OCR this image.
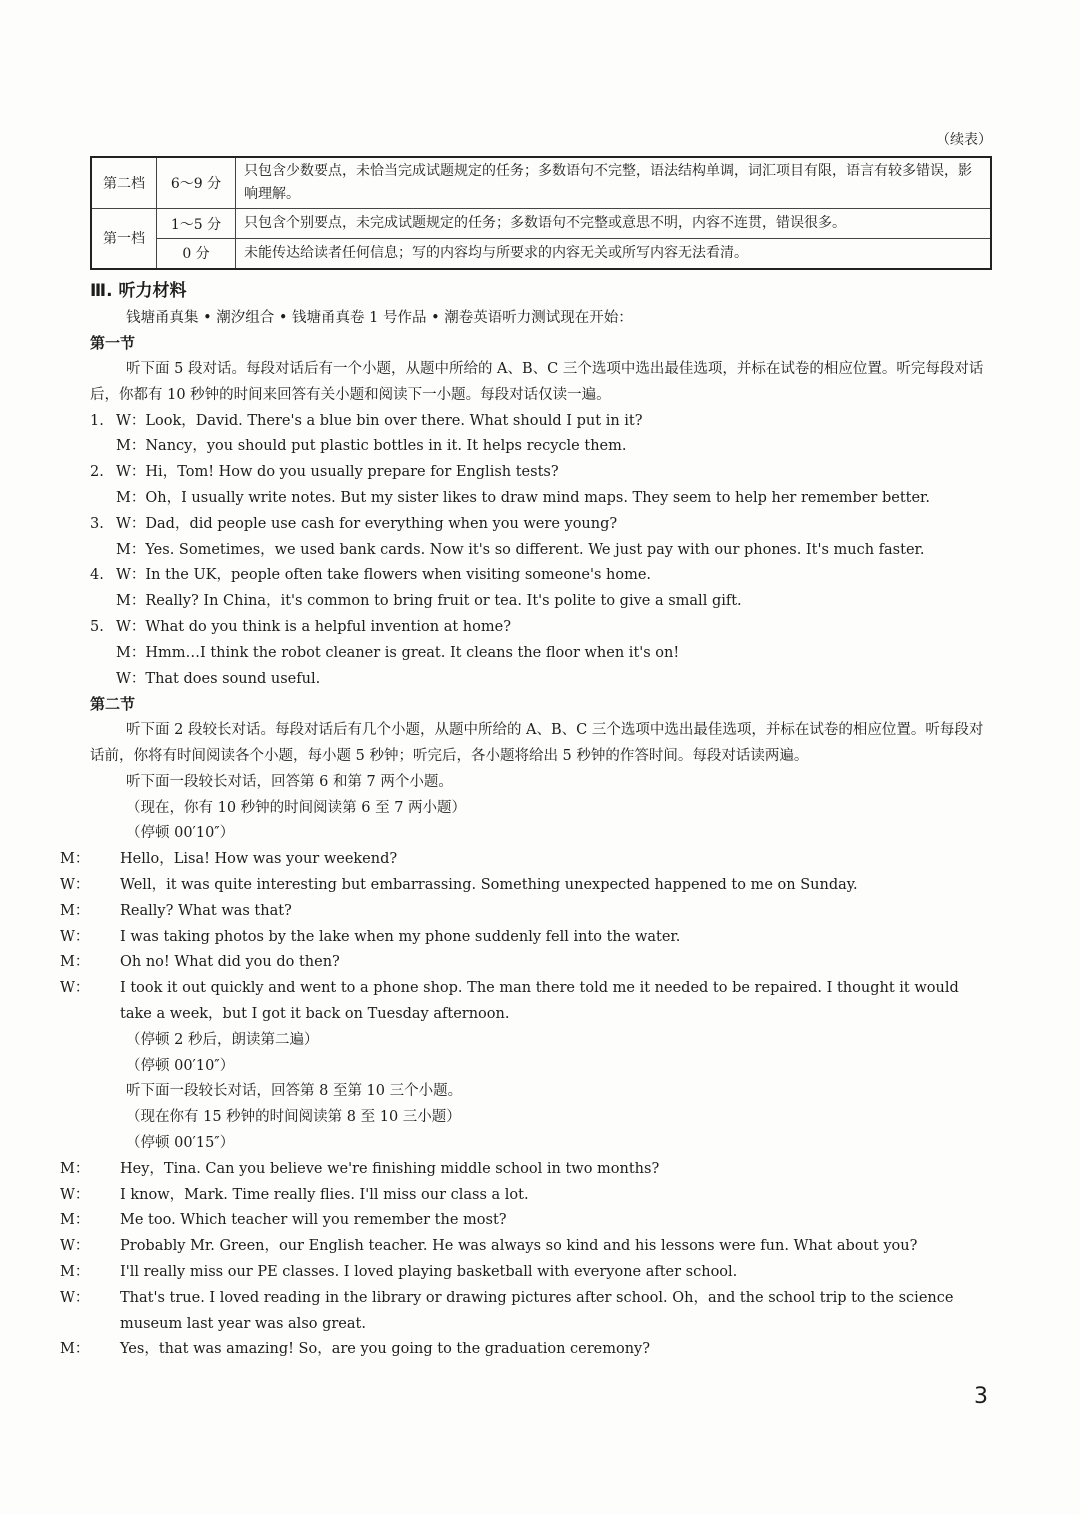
（续表）
第二档	6～9 分	只包含少数要点，未恰当完成试题规定的任务；多数语句不完整，语法结构单调，词汇项目有限，语言有较多错误，影响理解。
第一档	1～5 分	只包含个别要点，未完成试题规定的任务；多数语句不完整或意思不明，内容不连贯，错误很多。
	0 分	未能传达给读者任何信息；写的内容均与所要求的内容无关或所写内容无法看清。
Ⅲ. 听力材料
钱塘甬真集 • 潮汐组合 • 钱塘甬真卷 1 号作品 • 潮卷英语听力测试现在开始：
第一节
听下面 5 段对话。每段对话后有一个小题，从题中所给的 A、B、C 三个选项中选出最佳选项，并标在试卷的相应位置。听完每段对话后，你都有 10 秒钟的时间来回答有关小题和阅读下一小题。每段对话仅读一遍。
1. W：Look，David. There's a blue bin over there. What should I put in it?
M：Nancy，you should put plastic bottles in it. It helps recycle them.
2. W：Hi，Tom! How do you usually prepare for English tests?
M：Oh，I usually write notes. But my sister likes to draw mind maps. They seem to help her remember better.
3. W：Dad，did people use cash for everything when you were young?
M：Yes. Sometimes，we used bank cards. Now it's so different. We just pay with our phones. It's much faster.
4. W：In the UK，people often take flowers when visiting someone's home.
M：Really? In China，it's common to bring fruit or tea. It's polite to give a small gift.
5. W：What do you think is a helpful invention at home?
M：Hmm…I think the robot cleaner is great. It cleans the floor when it's on!
W：That does sound useful.
第二节
听下面 2 段较长对话。每段对话后有几个小题，从题中所给的 A、B、C 三个选项中选出最佳选项，并标在试卷的相应位置。听每段对话前，你将有时间阅读各个小题，每小题 5 秒钟；听完后，各小题将给出 5 秒钟的作答时间。每段对话读两遍。
听下面一段较长对话，回答第 6 和第 7 两个小题。
（现在，你有 10 秒钟的时间阅读第 6 至 7 两小题）
（停顿 00′10″）
M： Hello，Lisa! How was your weekend?
W： Well，it was quite interesting but embarrassing. Something unexpected happened to me on Sunday.
M： Really? What was that?
W： I was taking photos by the lake when my phone suddenly fell into the water.
M： Oh no! What did you do then?
W： I took it out quickly and went to a phone shop. The man there told me it needed to be repaired. I thought it would take a week，but I got it back on Tuesday afternoon.
（停顿 2 秒后，朗读第二遍）
（停顿 00′10″）
听下面一段较长对话，回答第 8 至第 10 三个小题。
（现在你有 15 秒钟的时间阅读第 8 至 10 三小题）
（停顿 00′15″）
M： Hey，Tina. Can you believe we're finishing middle school in two months?
W： I know，Mark. Time really flies. I'll miss our class a lot.
M： Me too. Which teacher will you remember the most?
W： Probably Mr. Green，our English teacher. He was always so kind and his lessons were fun. What about you?
M： I'll really miss our PE classes. I loved playing basketball with everyone after school.
W： That's true. I loved reading in the library or drawing pictures after school. Oh，and the school trip to the science museum last year was also great.
M： Yes，that was amazing! So，are you going to the graduation ceremony?
3
